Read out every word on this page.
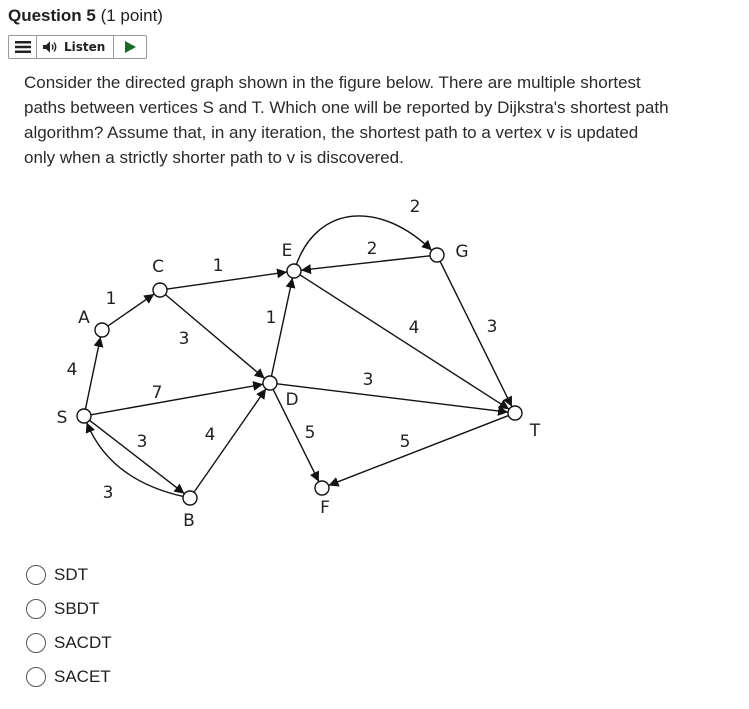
Question 5 (1 point)
Listen
Consider the directed graph shown in the figure below. There are multiple shortest paths between vertices S and T. Which one will be reported by Dijkstra's shortest path algorithm? Assume that, in any iteration, the shortest path to a vertex v is updated only when a strictly shorter path to v is discovered.
4
1
1
3
7
3
3
4
1
3
5	5
2
2
4	3
S
A
C
E	G
D
T
B
F
SDT
SBDT
SACDT
SACET
